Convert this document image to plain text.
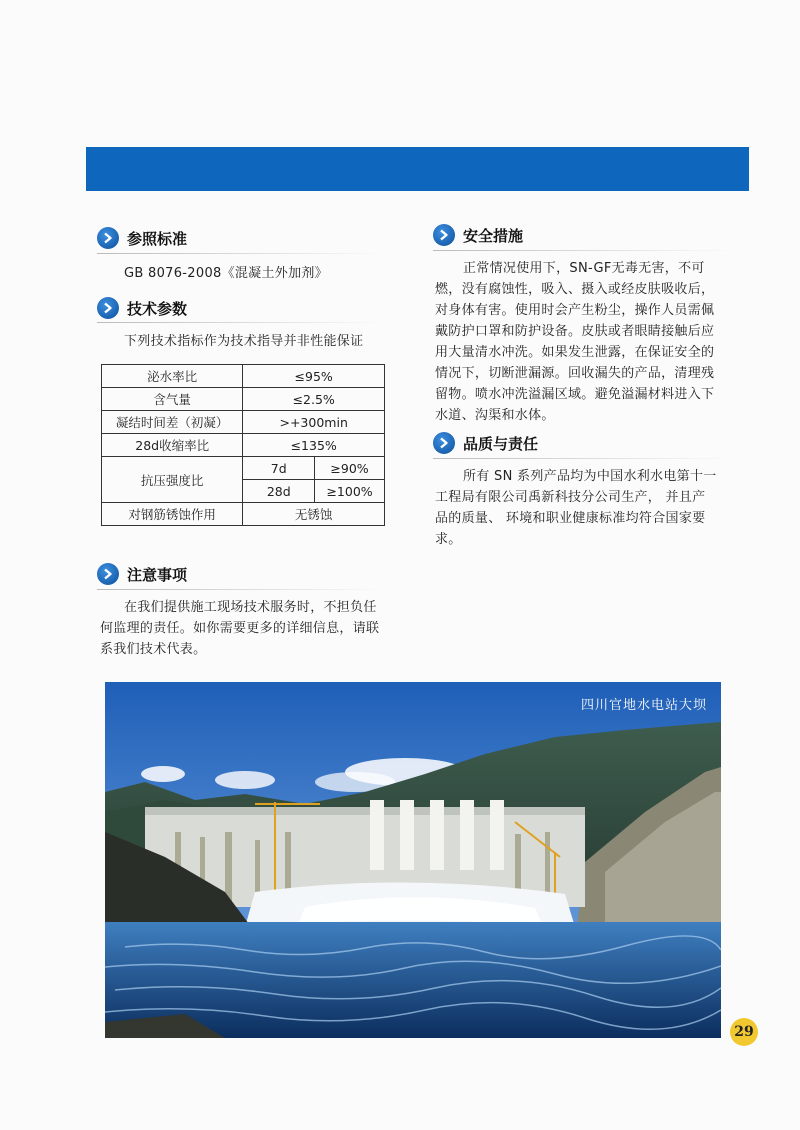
参照标准
GB 8076-2008《混凝土外加剂》
技术参数
下列技术指标作为技术指导并非性能保证
泌水率比	≤95%	
含气量	≤2.5%	
凝结时间差（初凝）	>+300min	
28d收缩率比	≤135%	
抗压强度比	7d	≥90%
	28d	≥100%
对钢筋锈蚀作用	无锈蚀	
注意事项
在我们提供施工现场技术服务时，不担负任
何监理的责任。如你需要更多的详细信息，请联
系我们技术代表。
安全措施
正常情况使用下，SN-GF无毒无害，不可
燃，没有腐蚀性，吸入、摄入或经皮肤吸收后，
对身体有害。使用时会产生粉尘，操作人员需佩
戴防护口罩和防护设备。皮肤或者眼睛接触后应
用大量清水冲洗。如果发生泄露，在保证安全的
情况下，切断泄漏源。回收漏失的产品，清理残
留物。喷水冲洗溢漏区域。避免溢漏材料进入下
水道、沟渠和水体。
品质与责任
所有 SN 系列产品均为中国水利水电第十一
工程局有限公司禹新科技分公司生产， 并且产
品的质量、 环境和职业健康标准均符合国家要
求。
四川官地水电站大坝
29
